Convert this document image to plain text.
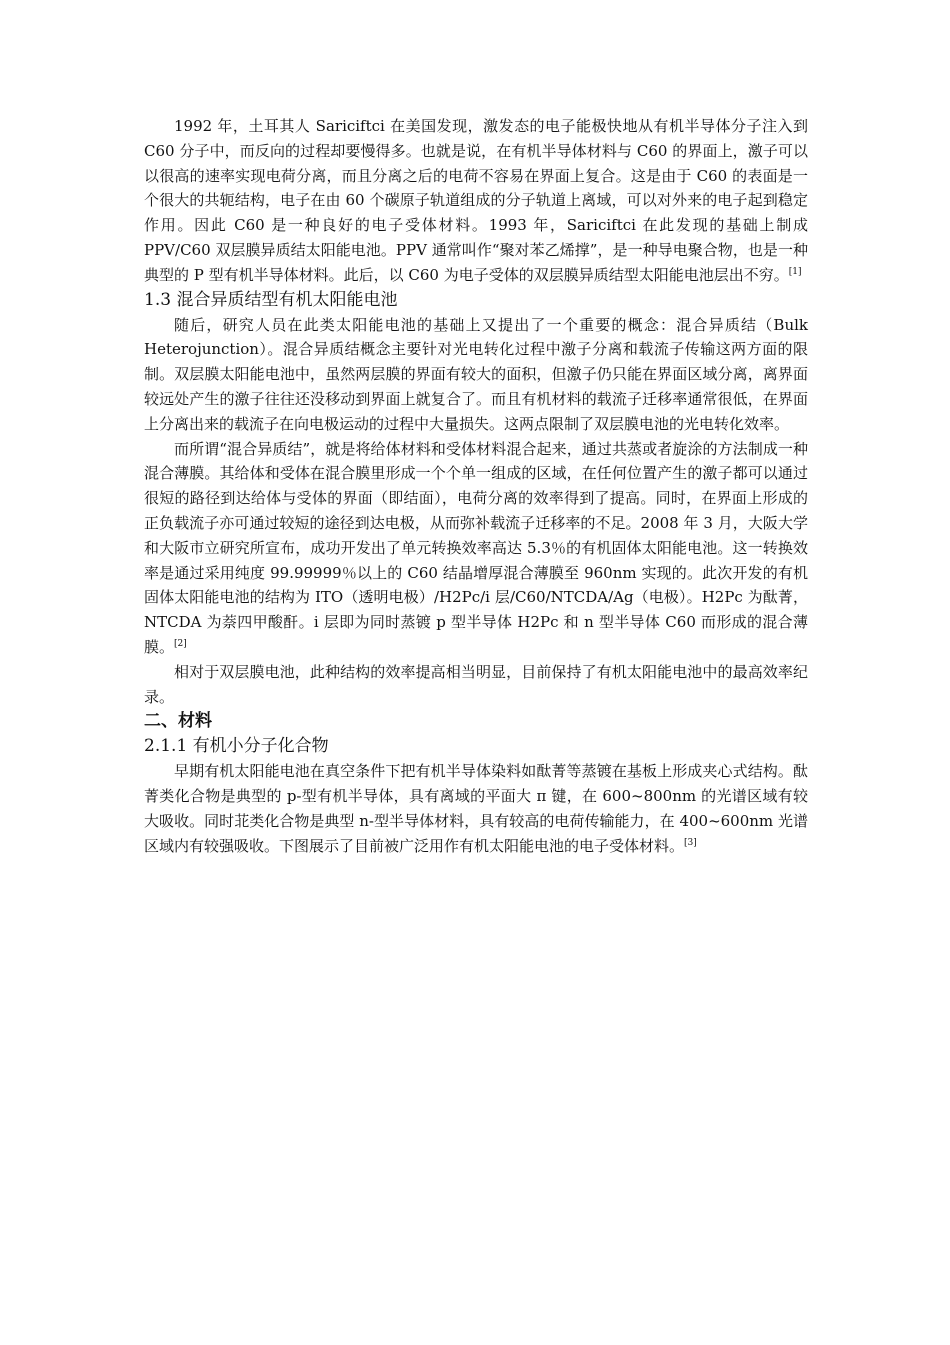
1992 年，土耳其人 Sariciftci 在美国发现，激发态的电子能极快地从有机半导体分子注入到 C60 分子中，而反向的过程却要慢得多。也就是说，在有机半导体材料与 C60 的界面上，激子可以以很高的速率实现电荷分离，而且分离之后的电荷不容易在界面上复合。这是由于 C60 的表面是一个很大的共轭结构，电子在由 60 个碳原子轨道组成的分子轨道上离域，可以对外来的电子起到稳定作用。因此 C60 是一种良好的电子受体材料。1993 年，Sariciftci 在此发现的基础上制成 PPV/C60 双层膜异质结太阳能电池。PPV 通常叫作“聚对苯乙烯撑”，是一种导电聚合物，也是一种典型的 P 型有机半导体材料。此后，以 C60 为电子受体的双层膜异质结型太阳能电池层出不穷。[1]

1.3 混合异质结型有机太阳能电池

随后，研究人员在此类太阳能电池的基础上又提出了一个重要的概念：混合异质结（Bulk Heterojunction）。混合异质结概念主要针对光电转化过程中激子分离和载流子传输这两方面的限制。双层膜太阳能电池中，虽然两层膜的界面有较大的面积，但激子仍只能在界面区域分离，离界面较远处产生的激子往往还没移动到界面上就复合了。而且有机材料的载流子迁移率通常很低，在界面上分离出来的载流子在向电极运动的过程中大量损失。这两点限制了双层膜电池的光电转化效率。

而所谓“混合异质结”，就是将给体材料和受体材料混合起来，通过共蒸或者旋涂的方法制成一种混合薄膜。其给体和受体在混合膜里形成一个个单一组成的区域，在任何位置产生的激子都可以通过很短的路径到达给体与受体的界面（即结面），电荷分离的效率得到了提高。同时，在界面上形成的正负载流子亦可通过较短的途径到达电极，从而弥补载流子迁移率的不足。2008 年 3 月，大阪大学和大阪市立研究所宣布，成功开发出了单元转换效率高达 5.3％的有机固体太阳能电池。这一转换效率是通过采用纯度 99.99999％以上的 C60 结晶增厚混合薄膜至 960nm 实现的。此次开发的有机固体太阳能电池的结构为 ITO（透明电极）/H2Pc/i 层/C60/NTCDA/Ag（电极）。H2Pc 为酞菁，NTCDA 为萘四甲酸酐。i 层即为同时蒸镀 p 型半导体 H2Pc 和 n 型半导体 C60 而形成的混合薄膜。[2]

相对于双层膜电池，此种结构的效率提高相当明显，目前保持了有机太阳能电池中的最高效率纪录。

二、材料
2.1.1 有机小分子化合物

早期有机太阳能电池在真空条件下把有机半导体染料如酞菁等蒸镀在基板上形成夹心式结构。酞菁类化合物是典型的 p-型有机半导体，具有离域的平面大 π 键，在 600~800nm 的光谱区域有较大吸收。同时苝类化合物是典型 n-型半导体材料，具有较高的电荷传输能力，在 400~600nm 光谱区域内有较强吸收。下图展示了目前被广泛用作有机太阳能电池的电子受体材料。[3]
